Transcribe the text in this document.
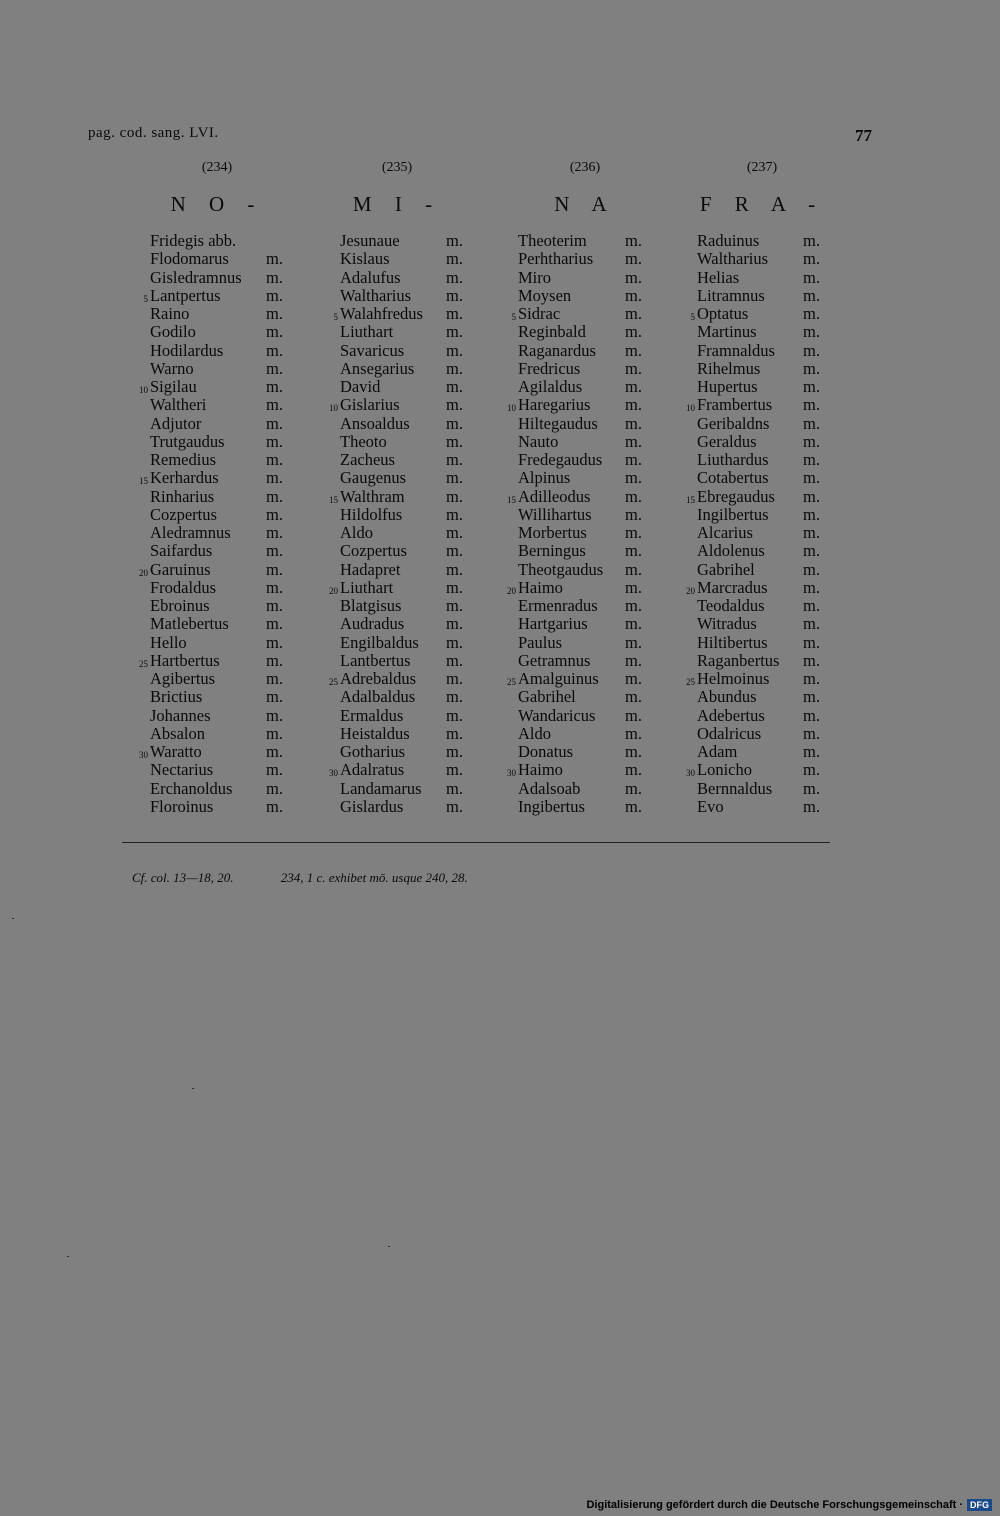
pag. cod. sang. LVI.	77
(234)
N O -
Fridegis abb.
Flodomarus m.
Gisledramnus m.
5 Lantpertus	m.
Raino	m.
Godilo	m.
Hodilardus	m.
Warno	m.
10 Sigilau	m.
Waltheri	m.
Adjutor	m.
Trutgaudus	m.
Remedius	m.
15 Kerhardus	m.
Rinharius	m.
Cozpertus	m.
Aledramnus m.
Saifardus	m.
20 Garuinus	m.
Frodaldus	m.
Ebroinus	m.
Matlebertus m.
Hello	m.
25 Hartbertus	m.
Agibertus	m.
Brictius	m.
Johannes	m.
Absalon	m.
30 Waratto	m.
Nectarius	m.
Erchanoldus m.
Floroinus	m.
(235)
M I -
Jesunaue	m.
Kislaus	m.
Adalufus	m.
Waltharius m.
5 Walahfredus m.
Liuthart	m.
Savaricus	m.
Ansegarius m.
David	m.
10 Gislarius	m.
Ansoaldus m.
Theoto	m.
Zacheus	m.
Gaugenus m.
15 Walthram	m.
Hildolfus	m.
Aldo	m.
Cozpertus m.
Hadapret	m.
20 Liuthart	m.
Blatgisus	m.
Audradus	m.
Engilbaldus m.
Lantbertus m.
25 Adrebaldus m.
Adalbaldus m.
Ermaldus	m.
Heistaldus m.
Gotharius m.
30 Adalratus	m.
Landamarus m.
Gislardus	m.
(236)
N A
Theoterim m.
Perhtharius m.
Miro	m.
Moysen	m.
5 Sidrac	m.
Reginbald m.
Raganardus m.
Fredricus	m.
Agilaldus	m.
10 Haregarius m.
Hiltegaudus m.
Nauto	m.
Fredegaudus m.
Alpinus	m.
15 Adilleodus m.
Willihartus m.
Morbertus m.
Berningus m.
Theotgaudus m.
20 Haimo	m.
Ermenradus m.
Hartgarius m.
Paulus	m.
Getramnus m.
25 Amalguinus m.
Gabrihel	m.
Wandaricus m.
Aldo	m.
Donatus	m.
30 Haimo	m.
Adalsoab	m.
Ingibertus m.
(237)
F R A -
Raduinus	m.
Waltharius m.
Helias	m.
Litramnus m.
5 Optatus	m.
Martinus	m.
Framnaldus m.
Rihelmus	m.
Hupertus	m.
10 Frambertus m.
Geribaldns m.
Geraldus	m.
Liuthardus m.
Cotabertus m.
15 Ebregaudus m.
Ingilbertus m.
Alcarius	m.
Aldolenus m.
Gabrihel	m.
20 Marcradus m.
Teodaldus m.
Witradus	m.
Hiltibertus m.
Raganbertus m.
25 Helmoinus m.
Abundus	m.
Adebertus m.
Odalricus	m.
Adam	m.
30 Lonicho	m.
Bernnaldus m.
Evo	m.
Cf. col. 13—18, 20.	234, 1 c. exhibet mō. usque 240, 28.
Digitalisierung gefördert durch die Deutsche Forschungsgemeinschaft · DFG
